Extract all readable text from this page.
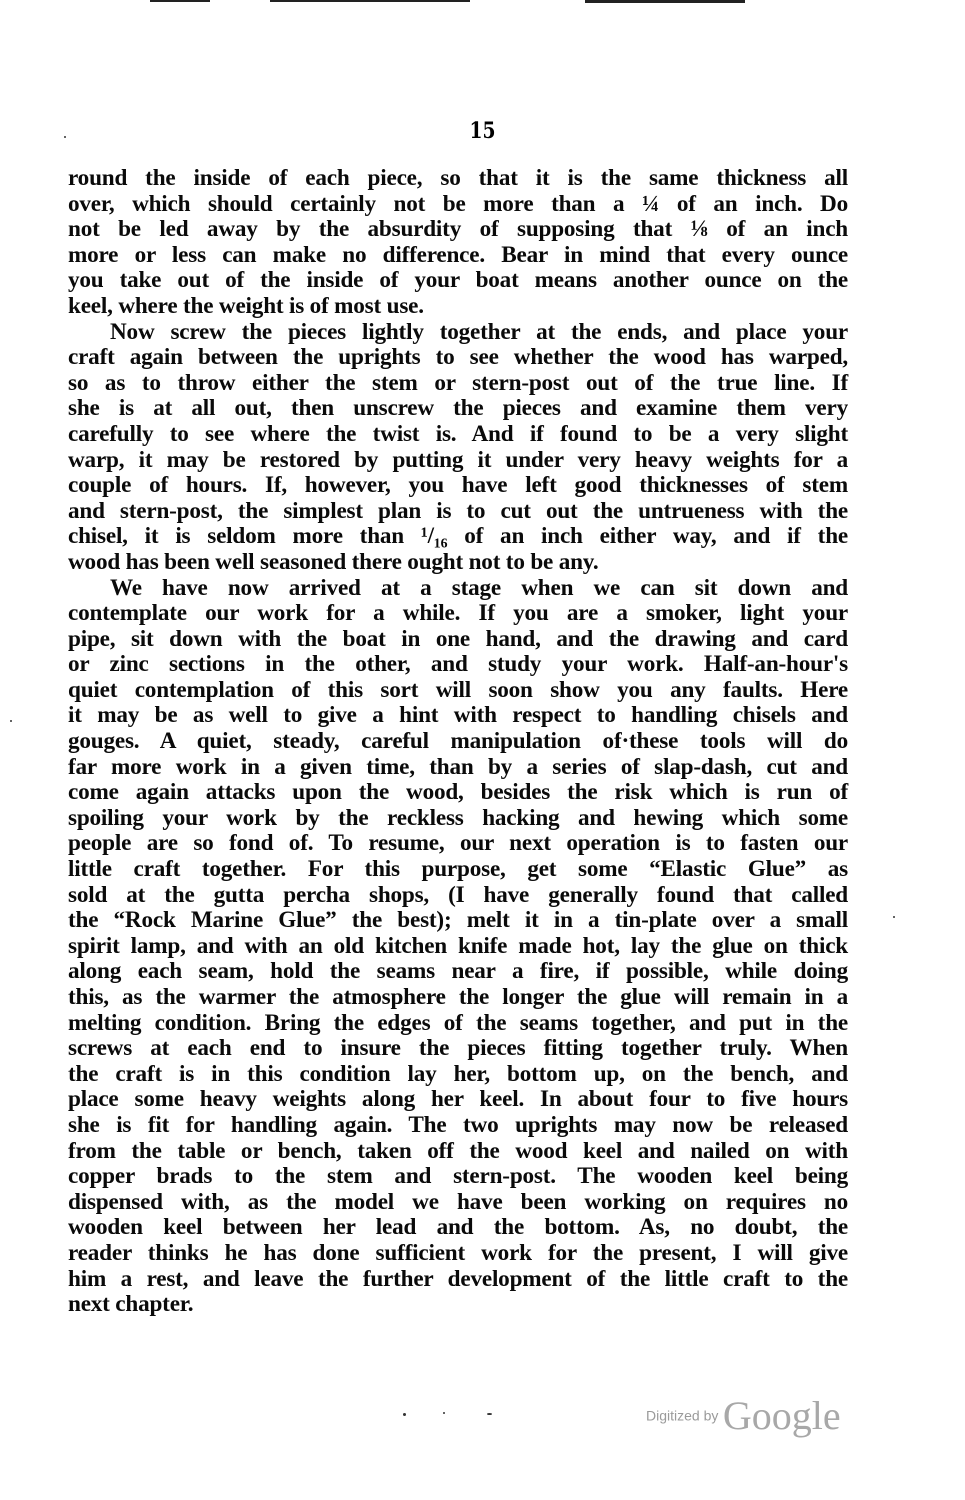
15
round the inside of each piece, so that it is the same thickness all
over, which should certainly not be more than a ¼ of an inch. Do
not be led away by the absurdity of supposing that ⅛ of an inch
more or less can make no difference. Bear in mind that every ounce
you take out of the inside of your boat means another ounce on the
keel, where the weight is of most use.
Now screw the pieces lightly together at the ends, and place your
craft again between the uprights to see whether the wood has warped,
so as to throw either the stem or stern-post out of the true line. If
she is at all out, then unscrew the pieces and examine them very
carefully to see where the twist is. And if found to be a very slight
warp, it may be restored by putting it under very heavy weights for a
couple of hours. If, however, you have left good thicknesses of stem
and stern-post, the simplest plan is to cut out the untrueness with the
chisel, it is seldom more than ¹/₁₆ of an inch either way, and if the
wood has been well seasoned there ought not to be any.
We have now arrived at a stage when we can sit down and
contemplate our work for a while. If you are a smoker, light your
pipe, sit down with the boat in one hand, and the drawing and card
or zinc sections in the other, and study your work. Half-an-hour's
quiet contemplation of this sort will soon show you any faults. Here
it may be as well to give a hint with respect to handling chisels and
gouges. A quiet, steady, careful manipulation of·these tools will do
far more work in a given time, than by a series of slap-dash, cut and
come again attacks upon the wood, besides the risk which is run of
spoiling your work by the reckless hacking and hewing which some
people are so fond of. To resume, our next operation is to fasten our
little craft together. For this purpose, get some “Elastic Glue” as
sold at the gutta percha shops, (I have generally found that called
the “Rock Marine Glue” the best); melt it in a tin-plate over a small
spirit lamp, and with an old kitchen knife made hot, lay the glue on thick
along each seam, hold the seams near a fire, if possible, while doing
this, as the warmer the atmosphere the longer the glue will remain in a
melting condition. Bring the edges of the seams together, and put in the
screws at each end to insure the pieces fitting together truly. When
the craft is in this condition lay her, bottom up, on the bench, and
place some heavy weights along her keel. In about four to five hours
she is fit for handling again. The two uprights may now be released
from the table or bench, taken off the wood keel and nailed on with
copper brads to the stem and stern-post. The wooden keel being
dispensed with, as the model we have been working on requires no
wooden keel between her lead and the bottom. As, no doubt, the
reader thinks he has done sufficient work for the present, I will give
him a rest, and leave the further development of the little craft to the
next chapter.
Digitized by Google
